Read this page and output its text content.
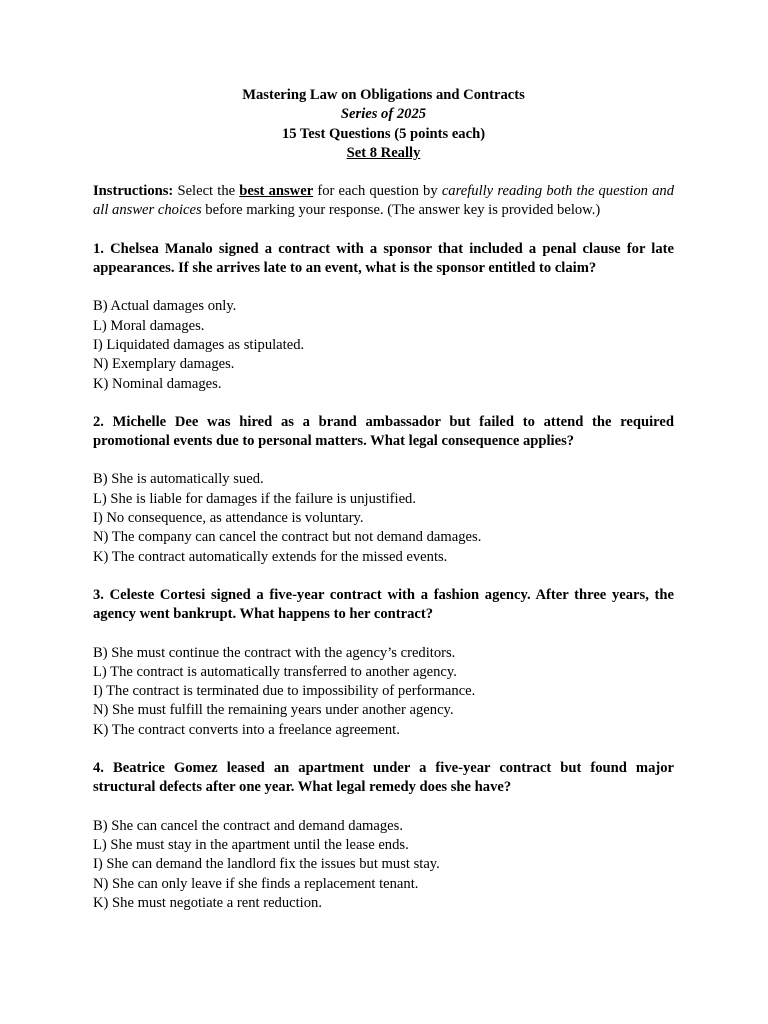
Mastering Law on Obligations and Contracts
Series of 2025
15 Test Questions (5 points each)
Set 8 Really
Instructions: Select the best answer for each question by carefully reading both the question and all answer choices before marking your response. (The answer key is provided below.)
1. Chelsea Manalo signed a contract with a sponsor that included a penal clause for late appearances. If she arrives late to an event, what is the sponsor entitled to claim?
B) Actual damages only.
L) Moral damages.
I) Liquidated damages as stipulated.
N) Exemplary damages.
K) Nominal damages.
2. Michelle Dee was hired as a brand ambassador but failed to attend the required promotional events due to personal matters. What legal consequence applies?
B) She is automatically sued.
L) She is liable for damages if the failure is unjustified.
I) No consequence, as attendance is voluntary.
N) The company can cancel the contract but not demand damages.
K) The contract automatically extends for the missed events.
3. Celeste Cortesi signed a five-year contract with a fashion agency. After three years, the agency went bankrupt. What happens to her contract?
B) She must continue the contract with the agency’s creditors.
L) The contract is automatically transferred to another agency.
I) The contract is terminated due to impossibility of performance.
N) She must fulfill the remaining years under another agency.
K) The contract converts into a freelance agreement.
4. Beatrice Gomez leased an apartment under a five-year contract but found major structural defects after one year. What legal remedy does she have?
B) She can cancel the contract and demand damages.
L) She must stay in the apartment until the lease ends.
I) She can demand the landlord fix the issues but must stay.
N) She can only leave if she finds a replacement tenant.
K) She must negotiate a rent reduction.
